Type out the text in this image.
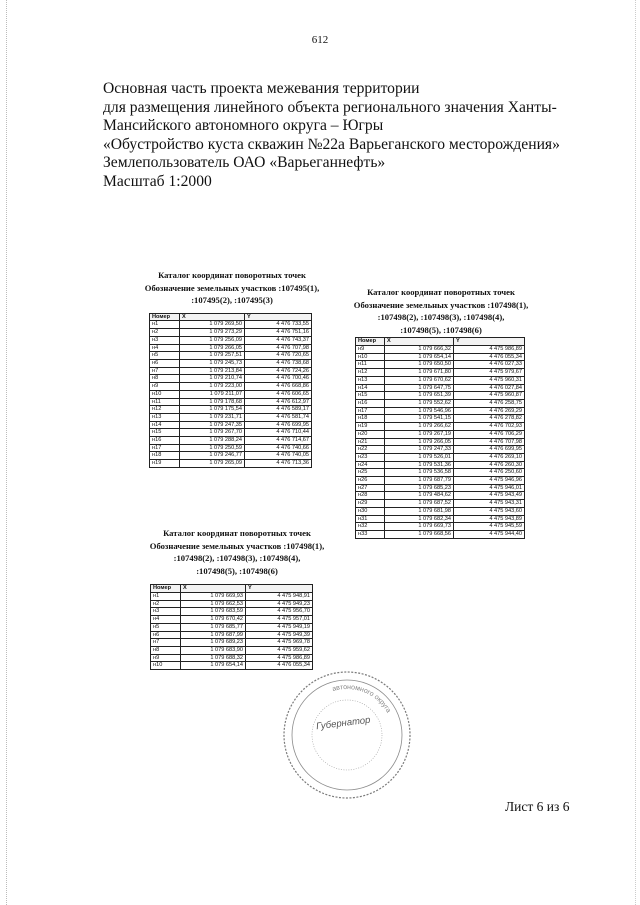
612
Основная часть проекта межевания территории
для размещения линейного объекта регионального значения Ханты-
Мансийского автономного округа – Югры
«Обустройство куста скважин №22а Варьеганского месторождения»
Землепользователь ОАО «Варьеганнефть»
Масштаб 1:2000
Каталог координат поворотных точек
Обозначение земельных участков :107495(1),
:107495(2), :107495(3)
Номер	X	Y
н1	1 079 269,50	4 476 733,55
н2	1 079 273,29	4 476 751,16
н3	1 079 256,09	4 476 743,37
н4	1 079 266,05	4 476 707,98
н5	1 079 257,51	4 476 720,65
н6	1 079 245,73	4 476 738,68
н7	1 079 213,84	4 476 724,26
н8	1 079 210,74	4 476 700,46
н9	1 079 223,00	4 476 668,86
н10	1 079 211,07	4 476 606,65
н11	1 079 178,68	4 476 612,97
н12	1 079 175,54	4 476 589,17
н13	1 079 231,71	4 476 581,74
н14	1 079 247,35	4 476 699,95
н15	1 079 267,70	4 476 710,44
н16	1 079 288,24	4 476 714,67
н17	1 079 250,59	4 476 740,66
н18	1 079 246,77	4 476 740,05
н19	1 079 265,09	4 476 713,36
Каталог координат поворотных точек
Обозначение земельных участков :107498(1),
:107498(2), :107498(3), :107498(4),
:107498(5), :107498(6)
Номер	X	Y
н9	1 079 666,32	4 475 986,89
н10	1 079 654,14	4 476 055,34
н11	1 079 650,50	4 476 027,33
н12	1 079 671,80	4 475 979,67
н13	1 079 670,62	4 475 960,31
н14	1 079 647,75	4 476 027,84
н15	1 079 651,39	4 475 960,87
н16	1 079 552,62	4 476 258,75
н17	1 079 546,96	4 476 269,29
н18	1 079 541,15	4 476 278,82
н19	1 079 266,62	4 476 702,93
н20	1 079 267,19	4 476 706,29
н21	1 079 266,05	4 476 707,98
н22	1 079 247,33	4 476 699,95
н23	1 079 526,01	4 476 269,10
н24	1 079 531,36	4 476 260,30
н25	1 079 536,58	4 476 250,60
н26	1 079 687,79	4 475 946,96
н27	1 079 685,23	4 475 946,01
н28	1 079 484,62	4 475 943,49
н29	1 079 687,52	4 475 943,31
н30	1 079 681,98	4 475 943,60
н31	1 079 682,34	4 475 943,89
н32	1 079 669,73	4 475 945,59
н33	1 079 668,56	4 475 944,40
Каталог координат поворотных точек
Обозначение земельных участков :107498(1),
:107498(2), :107498(3), :107498(4),
:107498(5), :107498(6)
Номер	X	Y
н1	1 079 669,93	4 475 948,91
н2	1 079 662,53	4 475 949,23
н3	1 079 683,59	4 475 956,70
н4	1 079 670,42	4 475 957,01
н5	1 079 685,77	4 475 949,19
н6	1 079 687,99	4 475 949,39
н7	1 079 689,23	4 475 969,78
н8	1 079 683,90	4 475 959,62
н9	1 079 688,32	4 475 986,89
н10	1 079 654,14	4 476 055,34
автономного округа
Губернатор
Лист 6 из 6
